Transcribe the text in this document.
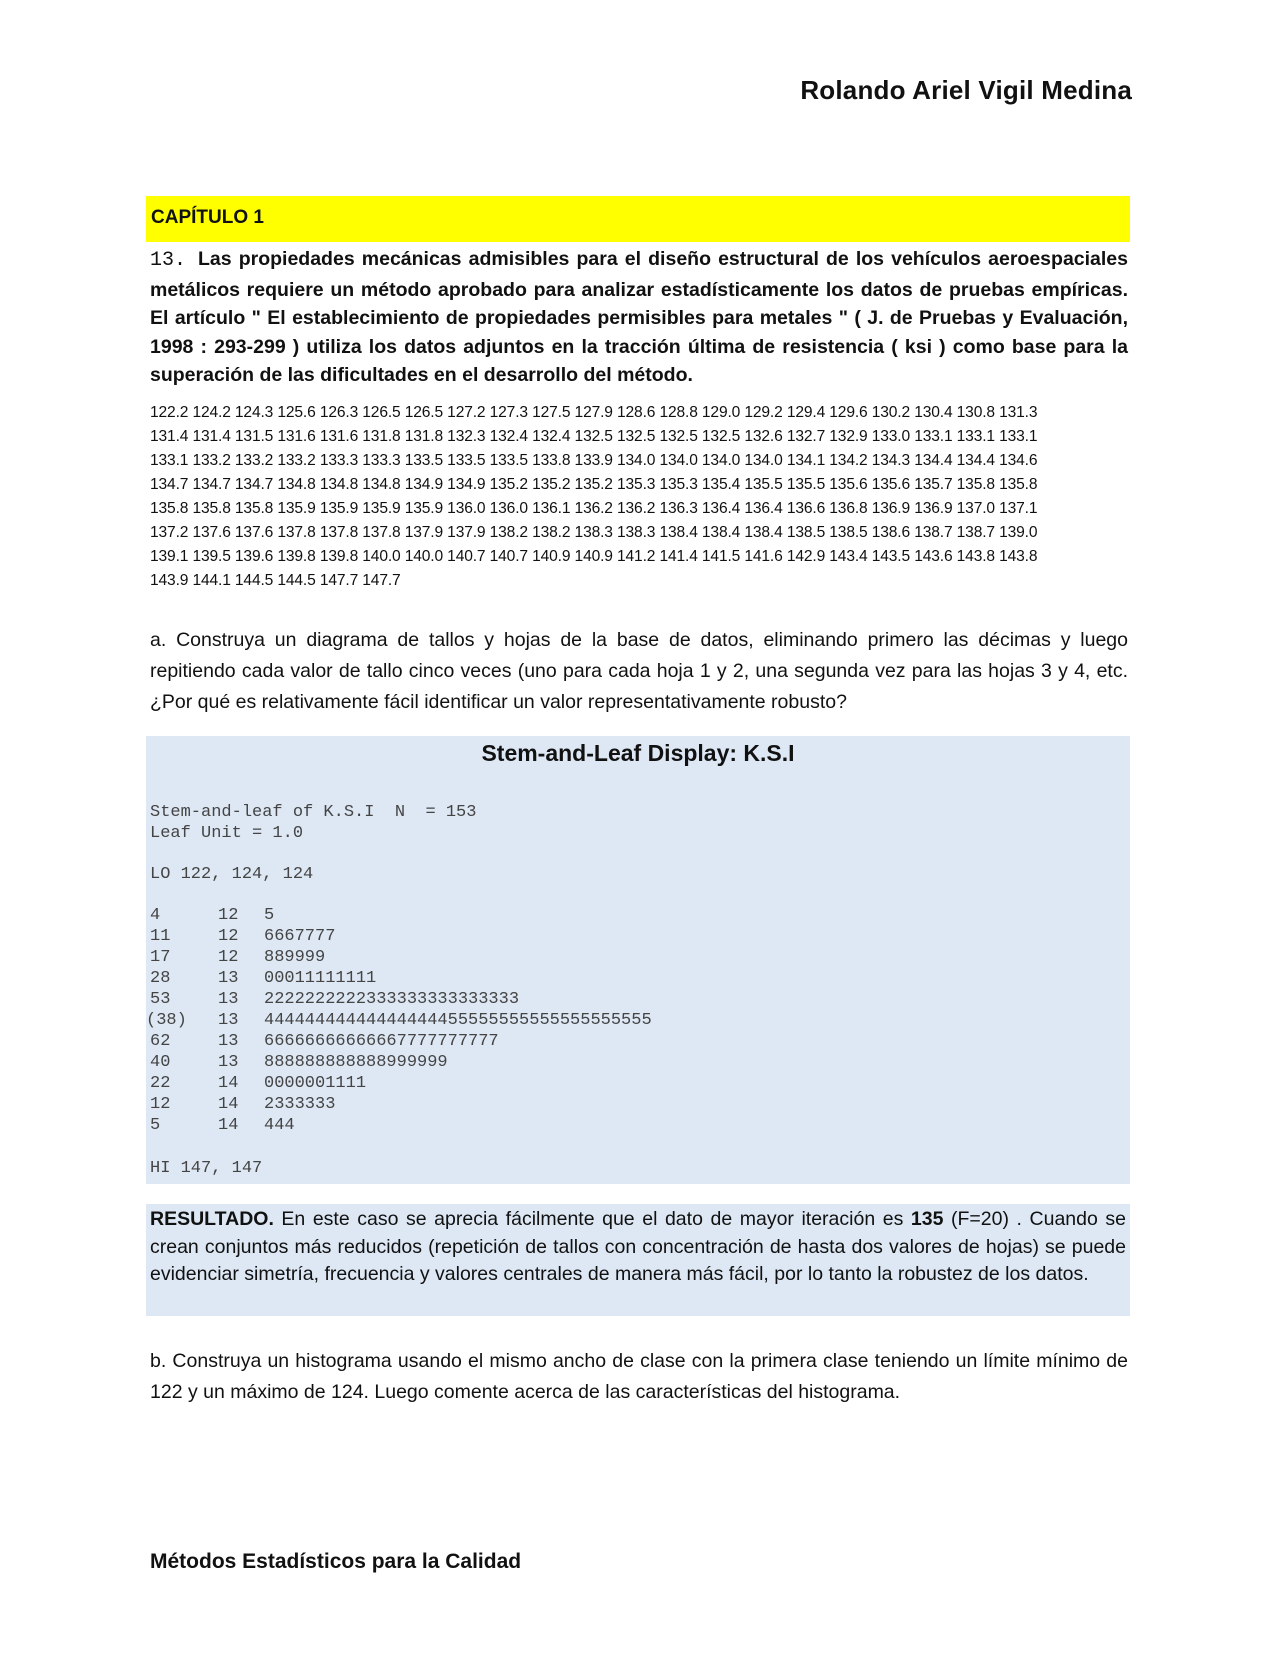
Rolando Ariel Vigil Medina
CAPÍTULO 1
13. Las propiedades mecánicas admisibles para el diseño estructural de los vehículos aeroespaciales metálicos requiere un método aprobado para analizar estadísticamente los datos de pruebas empíricas. El artículo " El establecimiento de propiedades permisibles para metales " ( J. de Pruebas y Evaluación, 1998 : 293-299 ) utiliza los datos adjuntos en la tracción última de resistencia ( ksi ) como base para la superación de las dificultades en el desarrollo del método.
122.2 124.2 124.3 125.6 126.3 126.5 126.5 127.2 127.3 127.5 127.9 128.6 128.8 129.0 129.2 129.4 129.6 130.2 130.4 130.8 131.3
131.4 131.4 131.5 131.6 131.6 131.8 131.8 132.3 132.4 132.4 132.5 132.5 132.5 132.5 132.6 132.7 132.9 133.0 133.1 133.1 133.1
133.1 133.2 133.2 133.2 133.3 133.3 133.5 133.5 133.5 133.8 133.9 134.0 134.0 134.0 134.0 134.1 134.2 134.3 134.4 134.4 134.6
134.7 134.7 134.7 134.8 134.8 134.8 134.9 134.9 135.2 135.2 135.2 135.3 135.3 135.4 135.5 135.5 135.6 135.6 135.7 135.8 135.8
135.8 135.8 135.8 135.9 135.9 135.9 135.9 136.0 136.0 136.1 136.2 136.2 136.3 136.4 136.4 136.6 136.8 136.9 136.9 137.0 137.1
137.2 137.6 137.6 137.8 137.8 137.8 137.9 137.9 138.2 138.2 138.3 138.3 138.4 138.4 138.4 138.5 138.5 138.6 138.7 138.7 139.0
139.1 139.5 139.6 139.8 139.8 140.0 140.0 140.7 140.7 140.9 140.9 141.2 141.4 141.5 141.6 142.9 143.4 143.5 143.6 143.8 143.8
143.9 144.1 144.5 144.5 147.7 147.7
a. Construya un diagrama de tallos y hojas de la base de datos, eliminando primero las décimas y luego repitiendo cada valor de tallo cinco veces (uno para cada hoja 1 y 2, una segunda vez para las hojas 3 y 4, etc. ¿Por qué es relativamente fácil identificar un valor representativamente robusto?
Stem-and-Leaf Display: K.S.I
Stem-and-leaf of K.S.I  N  = 153
Leaf Unit = 1.0
LO 122, 124, 124
4	12 5
11	12 6667777
17	12 889999
28	13 00011111111
53	13 2222222222333333333333333
(38) 13 44444444444444444455555555555555555555
62	13 66666666666667777777777
40	13 888888888888999999
22	14 0000001111
12	14 2333333
5	14 444
HI 147, 147
RESULTADO. En este caso se aprecia fácilmente que el dato de mayor iteración es 135 (F=20) . Cuando se crean conjuntos más reducidos (repetición de tallos con concentración de hasta dos valores de hojas) se puede evidenciar simetría, frecuencia y valores centrales de manera más fácil, por lo tanto la robustez de los datos.
b. Construya un histograma usando el mismo ancho de clase con la primera clase teniendo un límite mínimo de 122 y un máximo de 124. Luego comente acerca de las características del histograma.
Métodos Estadísticos para la Calidad
